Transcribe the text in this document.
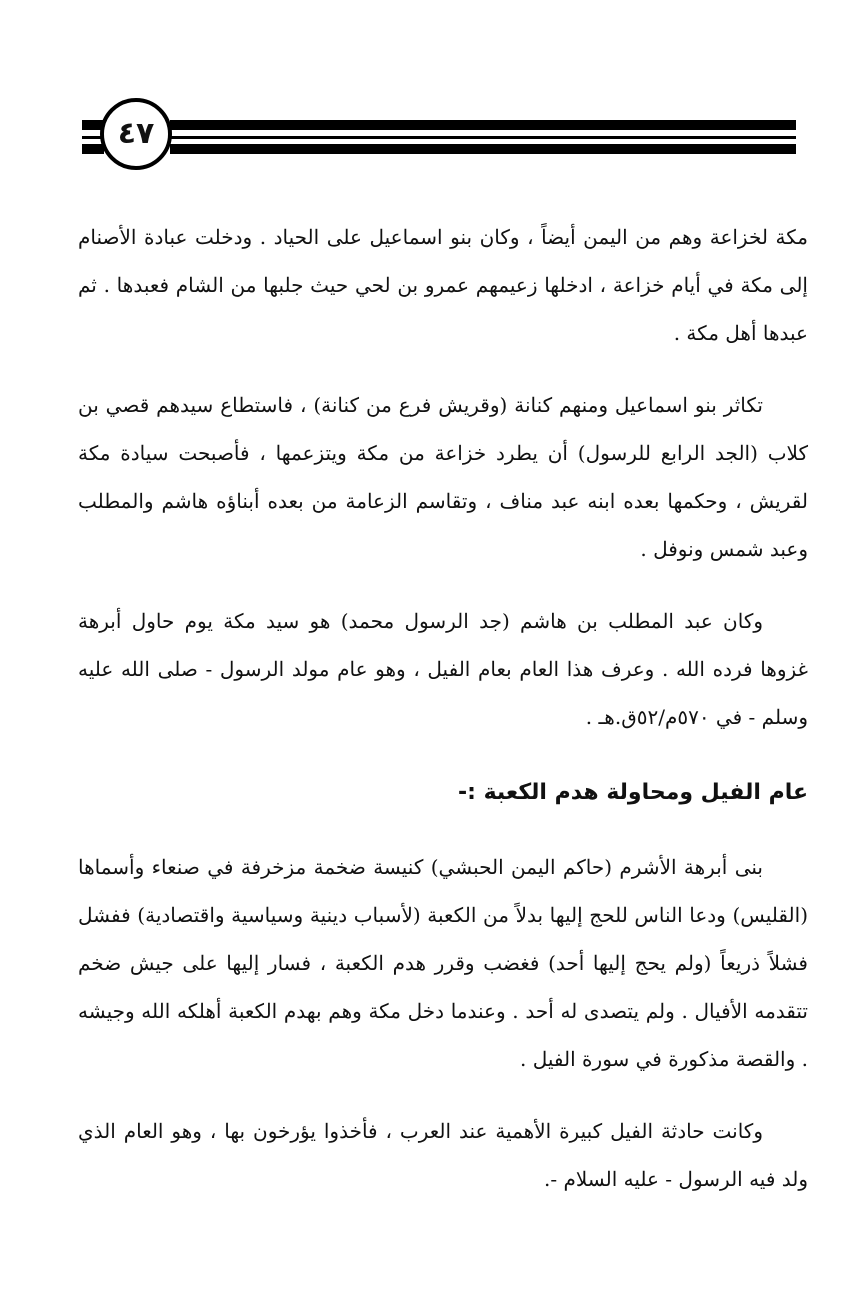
٤٧

مكة لخزاعة وهم من اليمن أيضاً ، وكان بنو اسماعيل على الحياد . ودخلت عبادة الأصنام إلى مكة في أيام خزاعة ، ادخلها زعيمهم عمرو بن لحي حيث جلبها من الشام فعبدها . ثم عبدها أهل مكة .

تكاثر بنو اسماعيل ومنهم كنانة (وقريش فرع من كنانة) ، فاستطاع سيدهم قصي بن كلاب (الجد الرابع للرسول) أن يطرد خزاعة من مكة ويتزعمها ، فأصبحت سيادة مكة لقريش ، وحكمها بعده ابنه عبد مناف ، وتقاسم الزعامة من بعده أبناؤه هاشم والمطلب وعبد شمس ونوفل .

وكان عبد المطلب بن هاشم (جد الرسول محمد) هو سيد مكة يوم حاول أبرهة غزوها فرده الله . وعرف هذا العام بعام الفيل ، وهو عام مولد الرسول - صلى الله عليه وسلم - في ٥٧٠م/٥٢ق.هـ .

عام الفيل ومحاولة هدم الكعبة :-

بنى أبرهة الأشرم (حاكم اليمن الحبشي) كنيسة ضخمة مزخرفة في صنعاء وأسماها (القليس) ودعا الناس للحج إليها بدلاً من الكعبة (لأسباب دينية وسياسية واقتصادية) ففشل فشلاً ذريعاً (ولم يحج إليها أحد) فغضب وقرر هدم الكعبة ، فسار إليها على جيش ضخم تتقدمه الأفيال . ولم يتصدى له أحد . وعندما دخل مكة وهم بهدم الكعبة أهلكه الله وجيشه . والقصة مذكورة في سورة الفيل .

وكانت حادثة الفيل كبيرة الأهمية عند العرب ، فأخذوا يؤرخون بها ، وهو العام الذي ولد فيه الرسول - عليه السلام -.
